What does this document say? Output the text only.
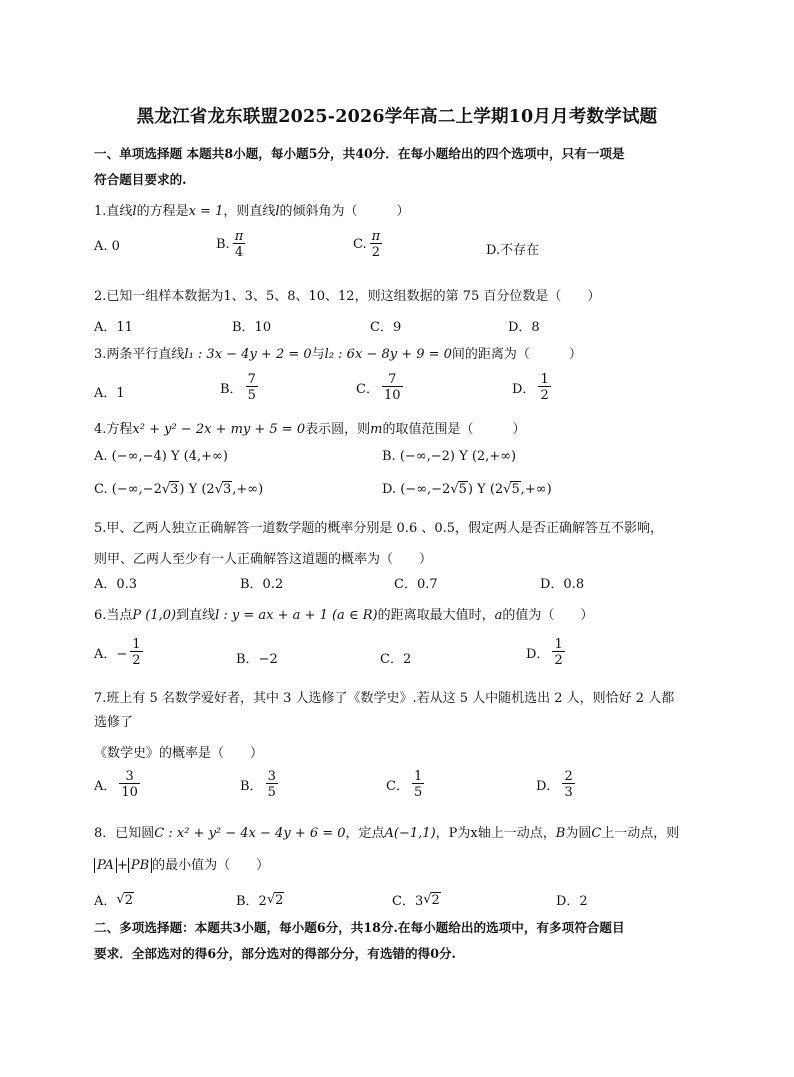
黑龙江省龙东联盟2025-2026学年高二上学期10月月考数学试题
一、单项选择题 本题共8小题，每小题5分，共40分．在每小题给出的四个选项中，只有一项是
符合题目要求的.
1.直线l的方程是x = 1，则直线l的倾斜角为（　　　）
A. 0	B. $\frac{\pi}{4}$	C. $\frac{\pi}{2}$	D.不存在
2.已知一组样本数据为1、3、5、8、10、12，则这组数据的第 75 百分位数是（　　）
A．11	B．10	C．9	D．8
3.两条平行直线l₁ : 3x − 4y + 2 = 0与l₂ : 6x − 8y + 9 = 0间的距离为（　　　）
A．1	B． $\frac{7}{5}$	C． $\frac{7}{10}$	D． $\frac{1}{2}$
4.方程x² + y² − 2x + my + 5 = 0表示圆，则m的取值范围是（　　　）
A. (−∞,−4) Y (4,+∞)	B. (−∞,−2) Y (2,+∞)
C. (−∞,−2√3) Y (2√3,+∞)	D. (−∞,−2√5) Y (2√5,+∞)
5.甲、乙两人独立正确解答一道数学题的概率分别是 0.6 、0.5，假定两人是否正确解答互不影响，
则甲、乙两人至少有一人正确解答这道题的概率为（　　）
A．0.3	B．0.2	C．0.7	D．0.8
6.当点P (1,0)到直线l : y = ax + a + 1 (a ∈ R)的距离取最大值时，a的值为（　　）
A．− $\frac{1}{2}$	B．−2	C．2	D． $\frac{1}{2}$
7.班上有 5 名数学爱好者，其中 3 人选修了《数学史》.若从这 5 人中随机选出 2 人，则恰好 2 人都
选修了
《数学史》的概率是（　　）
A． $\frac{3}{10}$	B． $\frac{3}{5}$	C． $\frac{1}{5}$	D． $\frac{2}{3}$
8．已知圆C : x² + y² − 4x − 4y + 6 = 0，定点A(−1,1)，P为x轴上一动点，B为圆C上一动点，则
PA + PB 的最小值为（　　）
A． √ 2	B．2 √ 2	C．3 √ 2	D．2
二、多项选择题：本题共3小题，每小题6分，共18分.在每小题给出的选项中，有多项符合题目
要求．全部选对的得6分，部分选对的得部分分，有选错的得0分.
